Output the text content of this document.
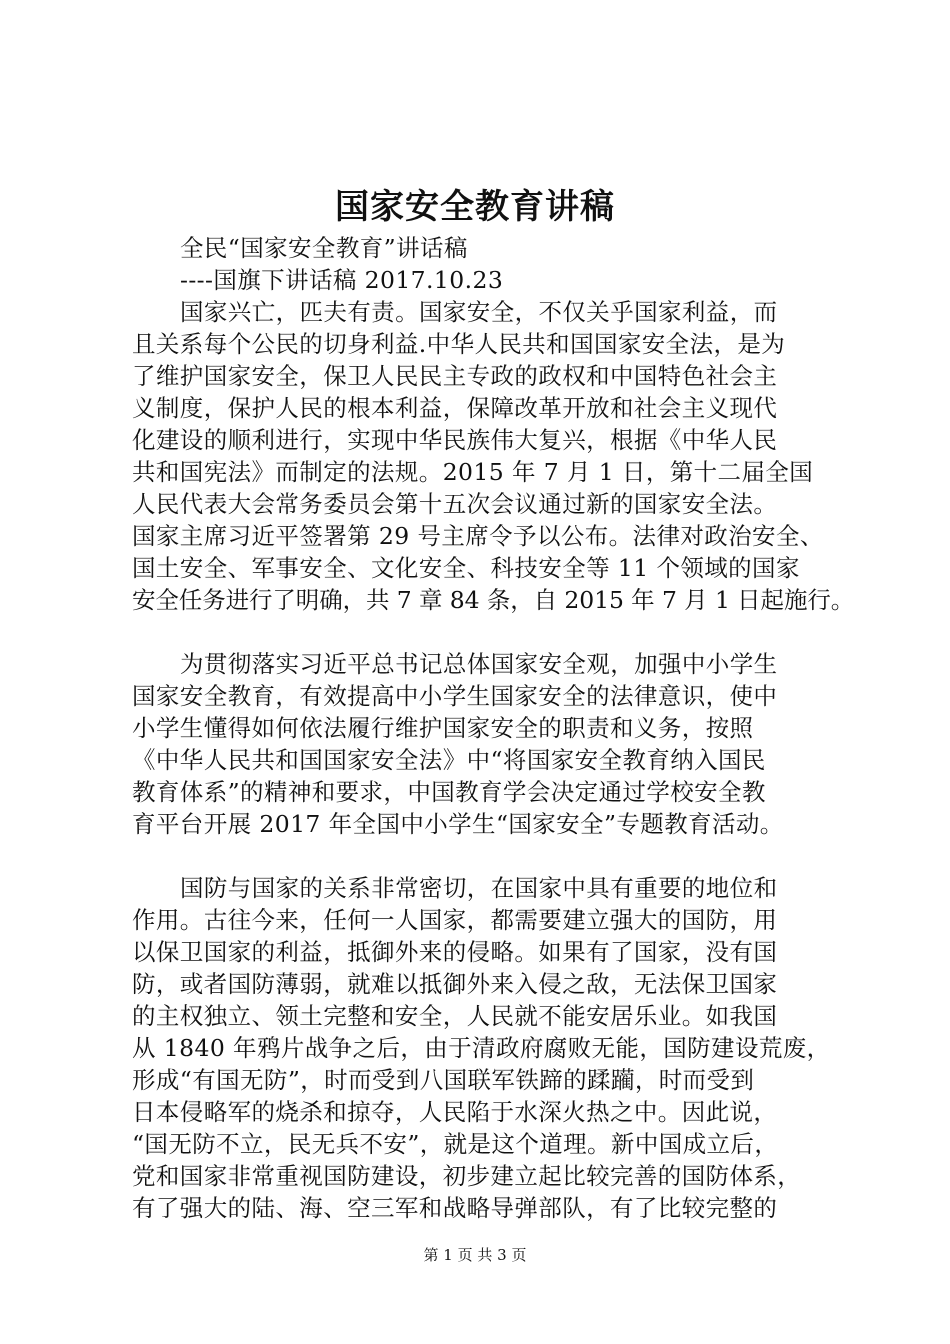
国家安全教育讲稿
全民“国家安全教育”讲话稿
----国旗下讲话稿 2017.10.23
国家兴亡，匹夫有责。国家安全，不仅关乎国家利益，而
且关系每个公民的切身利益.中华人民共和国国家安全法，是为
了维护国家安全，保卫人民民主专政的政权和中国特色社会主
义制度，保护人民的根本利益，保障改革开放和社会主义现代
化建设的顺利进行，实现中华民族伟大复兴，根据《中华人民
共和国宪法》而制定的法规。2015 年 7 月 1 日，第十二届全国
人民代表大会常务委员会第十五次会议通过新的国家安全法。
国家主席习近平签署第 29 号主席令予以公布。法律对政治安全、
国土安全、军事安全、文化安全、科技安全等 11 个领域的国家
安全任务进行了明确，共 7 章 84 条，自 2015 年 7 月 1 日起施行。
为贯彻落实习近平总书记总体国家安全观，加强中小学生
国家安全教育，有效提高中小学生国家安全的法律意识，使中
小学生懂得如何依法履行维护国家安全的职责和义务，按照
《中华人民共和国国家安全法》中“将国家安全教育纳入国民
教育体系”的精神和要求，中国教育学会决定通过学校安全教
育平台开展 2017 年全国中小学生“国家安全”专题教育活动。
国防与国家的关系非常密切，在国家中具有重要的地位和
作用。古往今来，任何一人国家，都需要建立强大的国防，用
以保卫国家的利益，抵御外来的侵略。如果有了国家，没有国
防，或者国防薄弱，就难以抵御外来入侵之敌，无法保卫国家
的主权独立、领土完整和安全，人民就不能安居乐业。如我国
从 1840 年鸦片战争之后，由于清政府腐败无能，国防建设荒废，
形成“有国无防”，时而受到八国联军铁蹄的蹂躏，时而受到
日本侵略军的烧杀和掠夺，人民陷于水深火热之中。因此说，
“国无防不立，民无兵不安”，就是这个道理。新中国成立后，
党和国家非常重视国防建设，初步建立起比较完善的国防体系，
有了强大的陆、海、空三军和战略导弹部队，有了比较完整的
第 1 页 共 3 页
